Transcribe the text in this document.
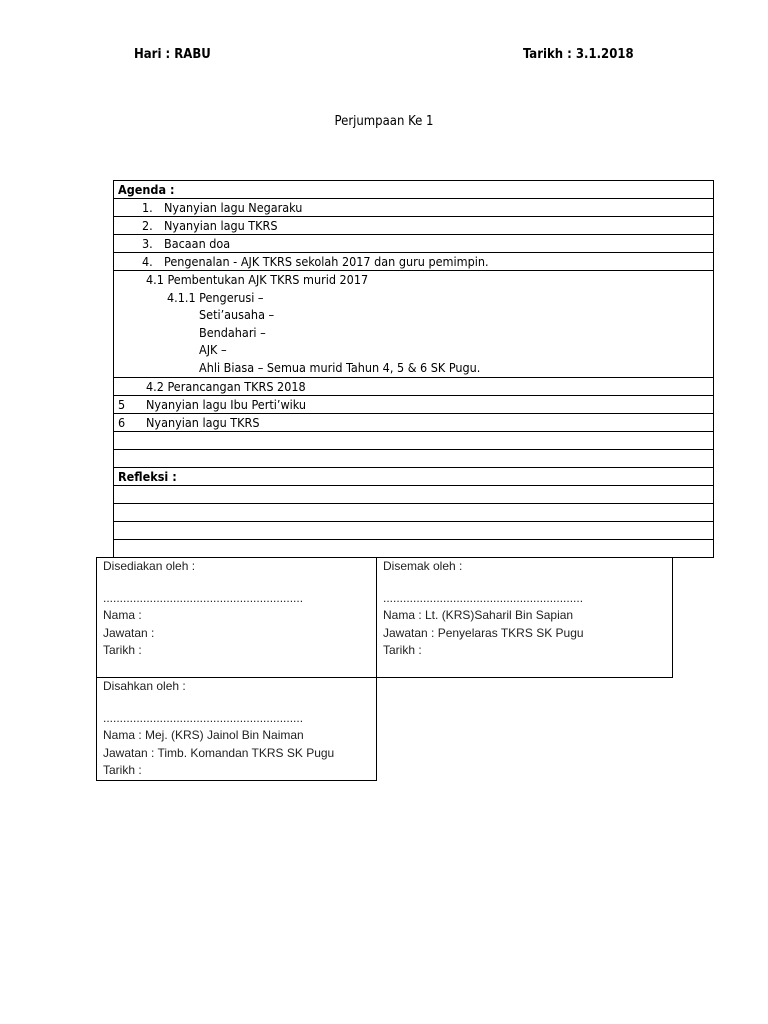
Hari : RABU	Tarikh : 3.1.2018
Perjumpaan Ke 1
Agenda :
1. Nyanyian lagu Negaraku
2. Nyanyian lagu TKRS
3. Bacaan doa
4. Pengenalan - AJK TKRS sekolah 2017 dan guru pemimpin.
4.1 Pembentukan AJK TKRS murid 2017
4.1.1 Pengerusi –
Seti’ausaha –
Bendahari –
AJK –
Ahli Biasa – Semua murid Tahun 4, 5 & 6 SK Pugu.
4.2 Perancangan TKRS 2018
5 Nyanyian lagu Ibu Perti’wiku
6 Nyanyian lagu TKRS
Refleksi :
Disediakan oleh :
............................................................
Nama :
Jawatan :
Tarikh :
Disemak oleh :
............................................................
Nama : Lt. (KRS)Saharil Bin Sapian
Jawatan : Penyelaras TKRS SK Pugu
Tarikh :
Disahkan oleh :
............................................................
Nama : Mej. (KRS) Jainol Bin Naiman
Jawatan : Timb. Komandan TKRS SK Pugu
Tarikh :
